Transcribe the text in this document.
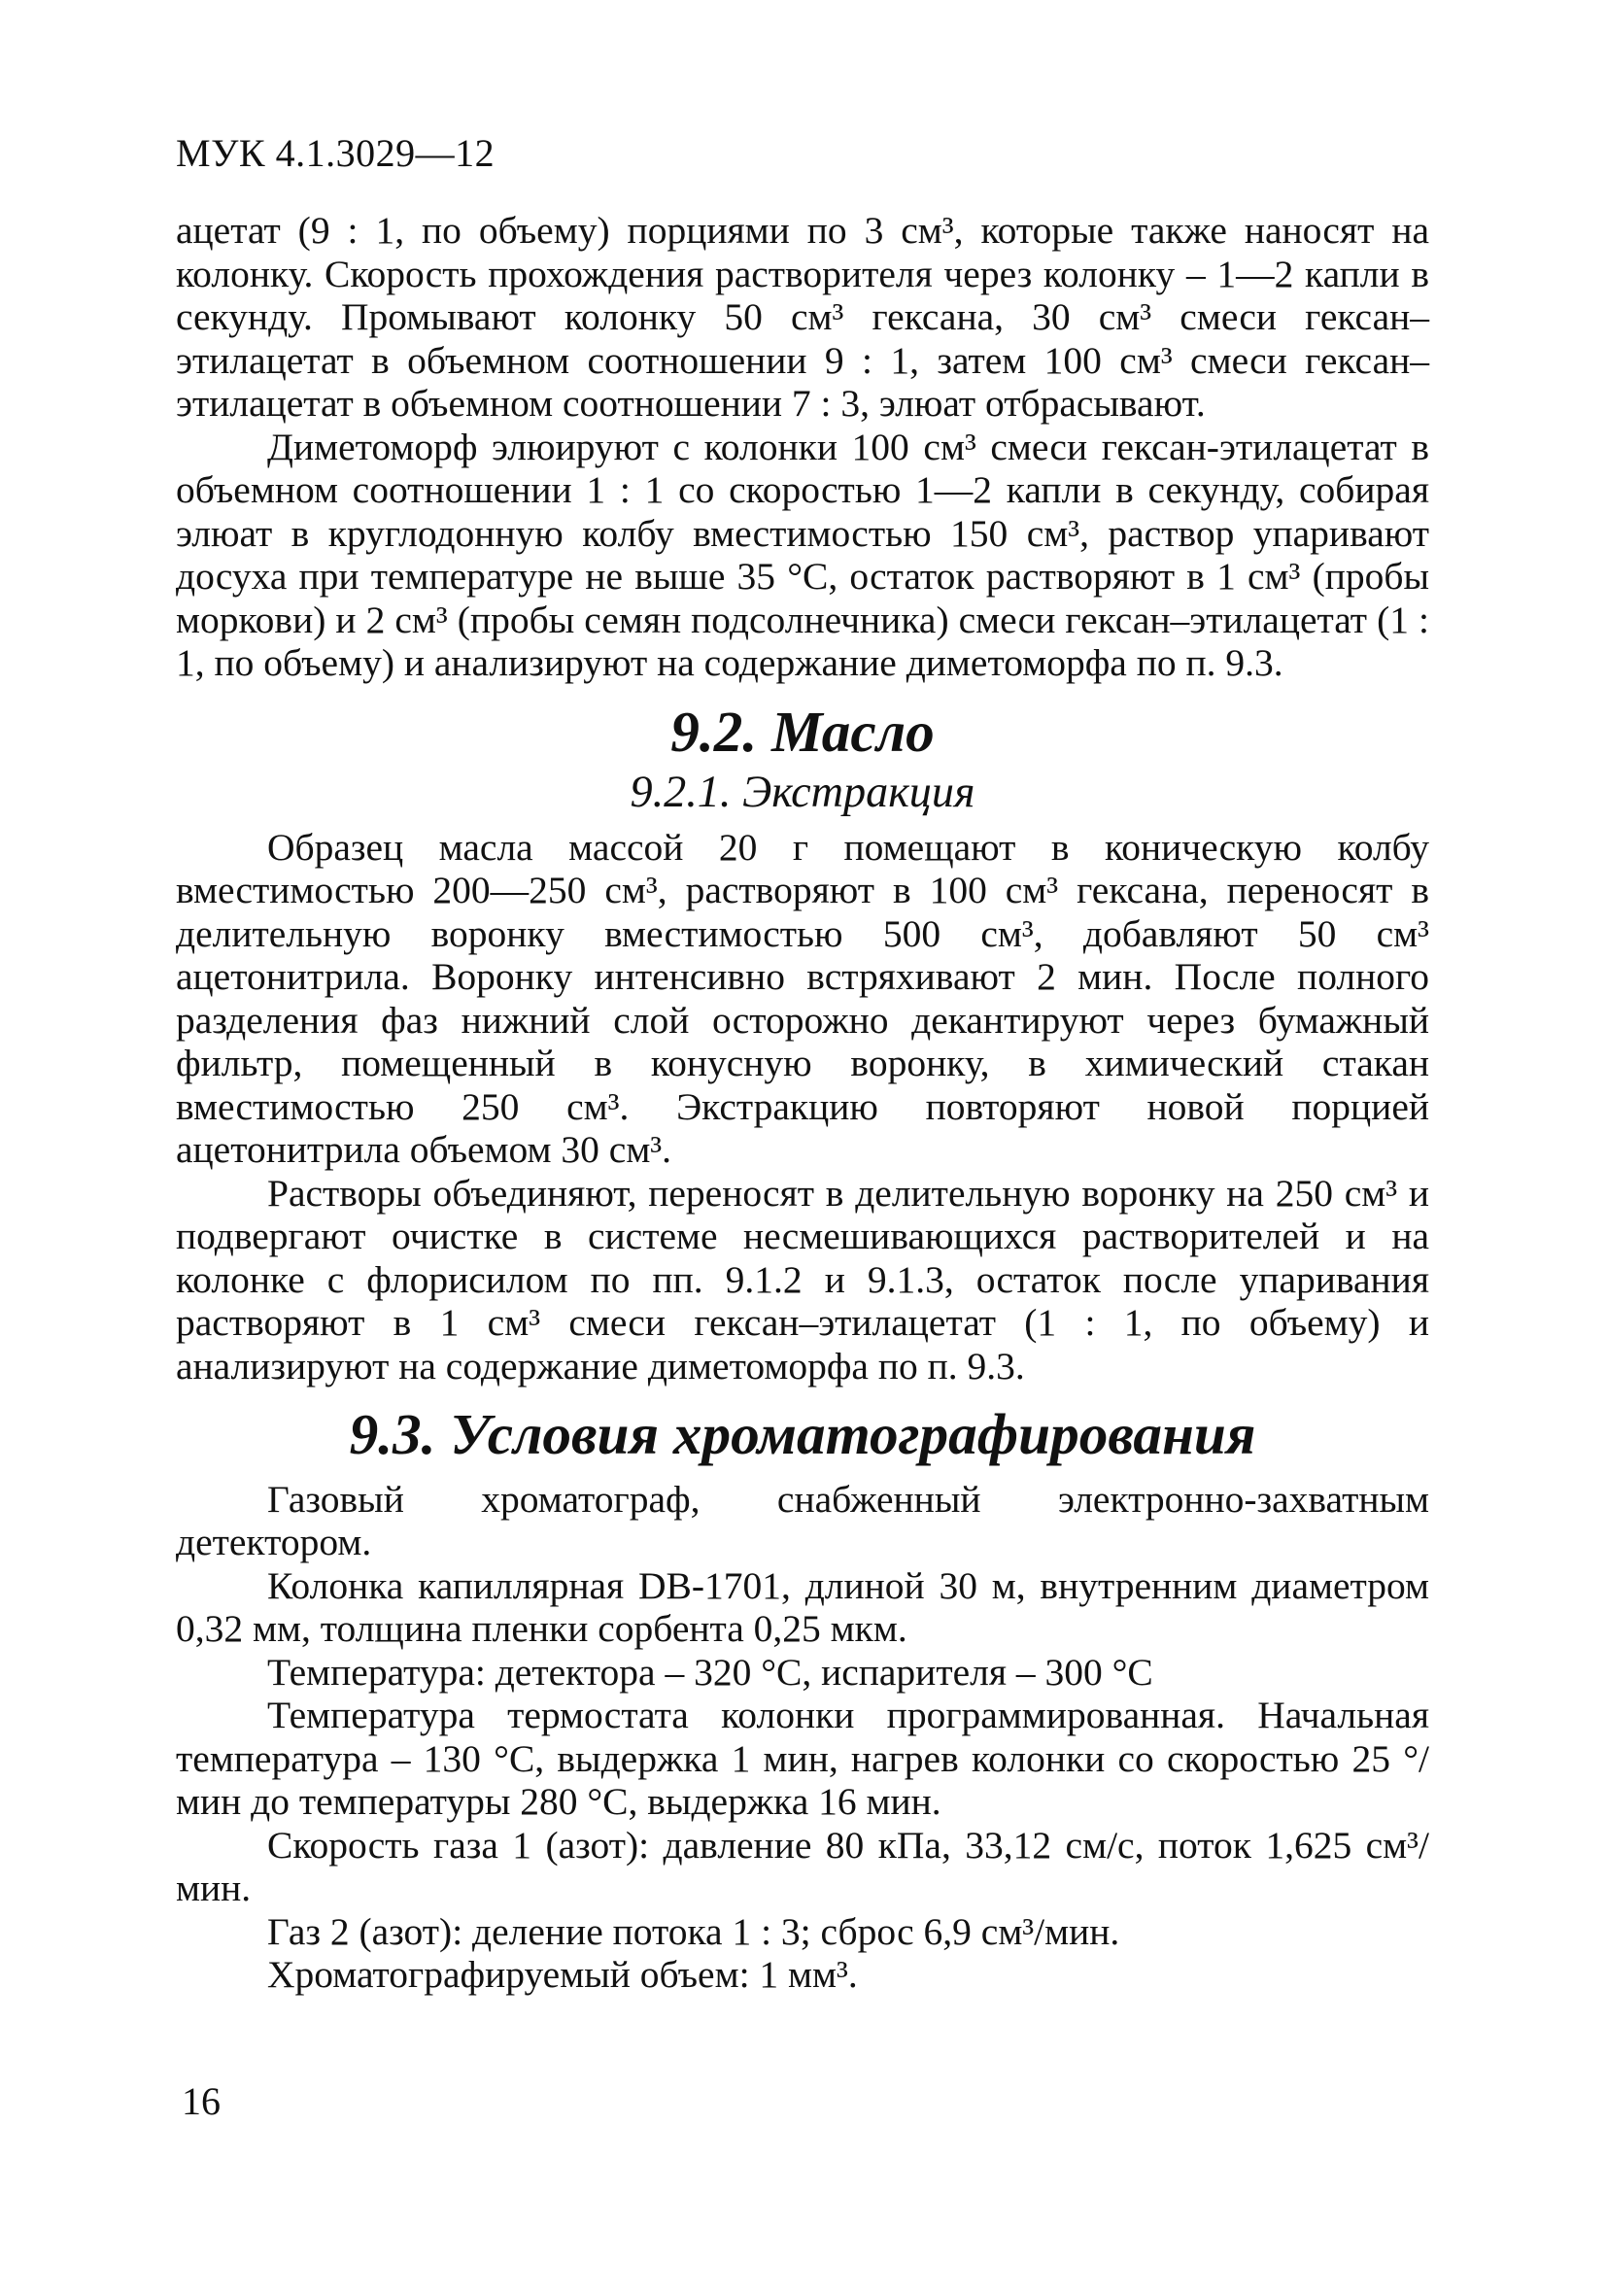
МУК 4.1.3029—12

ацетат (9 : 1, по объему) порциями по 3 см³, которые также наносят на колонку. Скорость прохождения растворителя через колонку – 1—2 капли в секунду. Промывают колонку 50 см³ гексана, 30 см³ смеси гексан–этилацетат в объемном соотношении 9 : 1, затем 100 см³ смеси гексан–этилацетат в объемном соотношении 7 : 3, элюат отбрасывают.

Диметоморф элюируют с колонки 100 см³ смеси гексан-этилацетат в объемном соотношении 1 : 1 со скоростью 1—2 капли в секунду, собирая элюат в круглодонную колбу вместимостью 150 см³, раствор упаривают досуха при температуре не выше 35 °С, остаток растворяют в 1 см³ (пробы моркови) и 2 см³ (пробы семян подсолнечника) смеси гексан–этилацетат (1 : 1, по объему) и анализируют на содержание диметоморфа по п. 9.3.

9.2. Масло
9.2.1. Экстракция

Образец масла массой 20 г помещают в коническую колбу вместимостью 200—250 см³, растворяют в 100 см³ гексана, переносят в делительную воронку вместимостью 500 см³, добавляют 50 см³ ацетонитрила. Воронку интенсивно встряхивают 2 мин. После полного разделения фаз нижний слой осторожно декантируют через бумажный фильтр, помещенный в конусную воронку, в химический стакан вместимостью 250 см³. Экстракцию повторяют новой порцией ацетонитрила объемом 30 см³.

Растворы объединяют, переносят в делительную воронку на 250 см³ и подвергают очистке в системе несмешивающихся растворителей и на колонке с флорисилом по пп. 9.1.2 и 9.1.3, остаток после упаривания растворяют в 1 см³ смеси гексан–этилацетат (1 : 1, по объему) и анализируют на содержание диметоморфа по п. 9.3.

9.3. Условия хроматографирования

Газовый хроматограф, снабженный электронно-захватным детектором.

Колонка капиллярная DB-1701, длиной 30 м, внутренним диаметром 0,32 мм, толщина пленки сорбента 0,25 мкм.

Температура: детектора – 320 °С, испарителя – 300 °С

Температура термостата колонки программированная. Начальная температура – 130 °С, выдержка 1 мин, нагрев колонки со скоростью 25 °/мин до температуры 280 °С, выдержка 16 мин.

Скорость газа 1 (азот): давление 80 кПа, 33,12 см/с, поток 1,625 см³/мин.

Газ 2 (азот): деление потока 1 : 3; сброс 6,9 см³/мин.

Хроматографируемый объем: 1 мм³.

16
